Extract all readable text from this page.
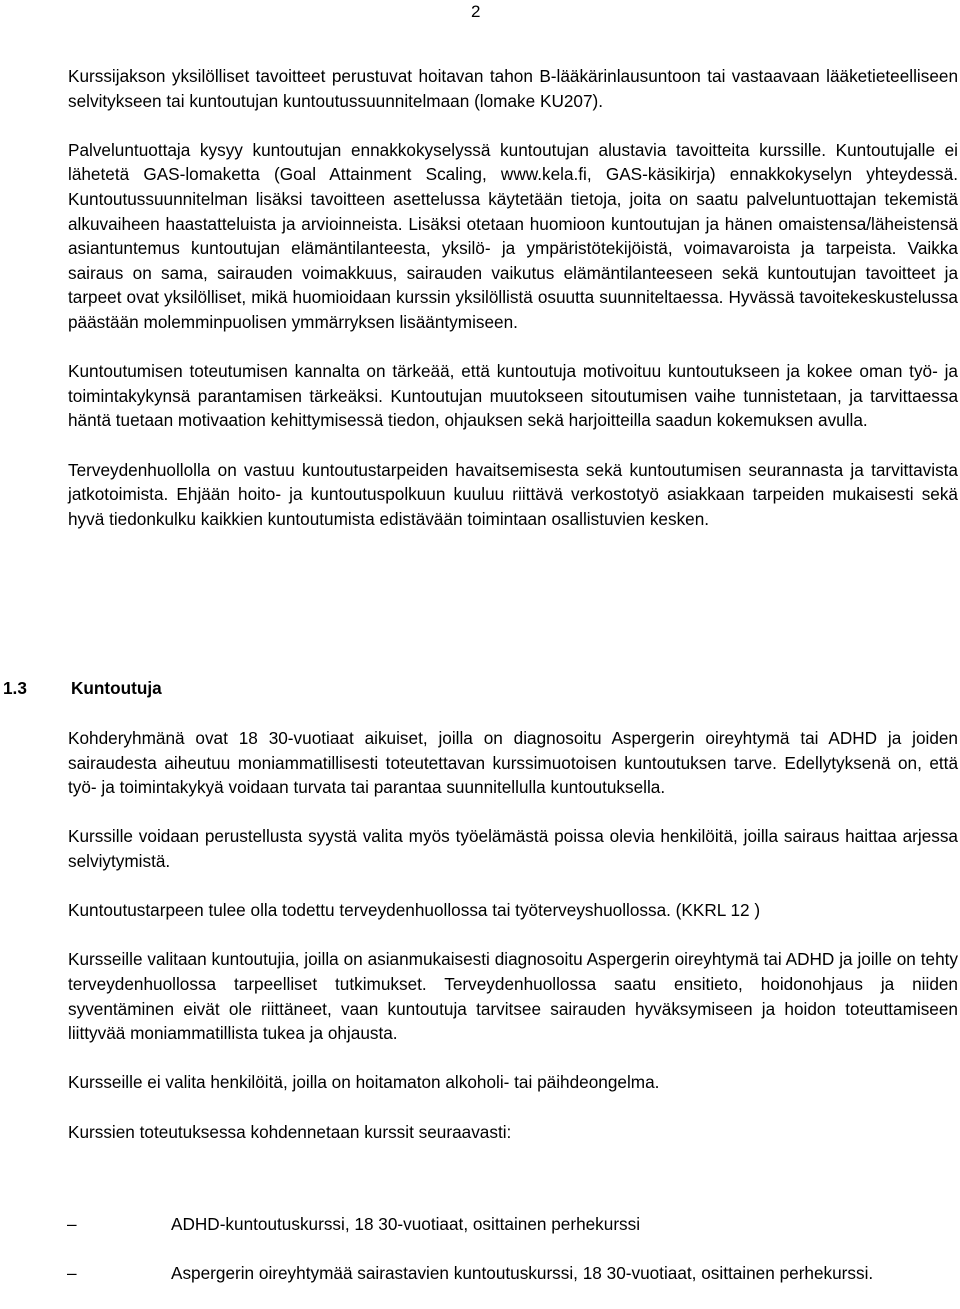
2

Kurssijakson yksilölliset tavoitteet perustuvat hoitavan tahon B-lääkärinlausuntoon tai vastaavaan lääketieteelliseen selvitykseen tai kuntoutujan kuntoutussuunnitelmaan (lomake KU207).

Palveluntuottaja kysyy kuntoutujan ennakkokyselyssä kuntoutujan alustavia tavoitteita kurssille. Kuntoutujalle ei lähetetä GAS-lomaketta (Goal Attainment Scaling, www.kela.fi, GAS-käsikirja) ennakkokyselyn yhteydessä. Kuntoutussuunnitelman lisäksi tavoitteen asettelussa käytetään tietoja, joita on saatu palveluntuottajan tekemistä alkuvaiheen haastatteluista ja arvioinneista. Lisäksi otetaan huomioon kuntoutujan ja hänen omaistensa/läheistensä asiantuntemus kuntoutujan elämäntilanteesta, yksilö- ja ympäristötekijöistä, voimavaroista ja tarpeista. Vaikka sairaus on sama, sairauden voimakkuus, sairauden vaikutus elämäntilanteeseen sekä kuntoutujan tavoitteet ja tarpeet ovat yksilölliset, mikä huomioidaan kurssin yksilöllistä osuutta suunniteltaessa. Hyvässä tavoitekeskustelussa päästään molemminpuolisen ymmärryksen lisääntymiseen.

Kuntoutumisen toteutumisen kannalta on tärkeää, että kuntoutuja motivoituu kuntoutukseen ja kokee oman työ- ja toimintakykynsä parantamisen tärkeäksi. Kuntoutujan muutokseen sitoutumisen vaihe tunnistetaan, ja tarvittaessa häntä tuetaan motivaation kehittymisessä tiedon, ohjauksen sekä harjoitteilla saadun kokemuksen avulla.

Terveydenhuollolla on vastuu kuntoutustarpeiden havaitsemisesta sekä kuntoutumisen seurannasta ja tarvittavista jatkotoimista. Ehjään hoito- ja kuntoutuspolkuun kuuluu riittävä verkostotyö asiakkaan tarpeiden mukaisesti sekä hyvä tiedonkulku kaikkien kuntoutumista edistävään toimintaan osallistuvien kesken.

1.3	Kuntoutuja

Kohderyhmänä ovat 18 30-vuotiaat aikuiset, joilla on diagnosoitu Aspergerin oireyhtymä tai ADHD ja joiden sairaudesta aiheutuu moniammatillisesti toteutettavan kurssimuotoisen kuntoutuksen tarve. Edellytyksenä on, että työ- ja toimintakykyä voidaan turvata tai parantaa suunnitellulla kuntoutuksella.

Kurssille voidaan perustellusta syystä valita myös työelämästä poissa olevia henkilöitä, joilla sairaus haittaa arjessa selviytymistä.

Kuntoutustarpeen tulee olla todettu terveydenhuollossa tai työterveyshuollossa. (KKRL 12 )

Kursseille valitaan kuntoutujia, joilla on asianmukaisesti diagnosoitu Aspergerin oireyhtymä tai ADHD ja joille on tehty terveydenhuollossa tarpeelliset tutkimukset. Terveydenhuollossa saatu ensitieto, hoidonohjaus ja niiden syventäminen eivät ole riittäneet, vaan kuntoutuja tarvitsee sairauden hyväksymiseen ja hoidon toteuttamiseen liittyvää moniammatillista tukea ja ohjausta.

Kursseille ei valita henkilöitä, joilla on hoitamaton alkoholi- tai päihdeongelma.

Kurssien toteutuksessa kohdennetaan kurssit seuraavasti:

–	ADHD-kuntoutuskurssi, 18 30-vuotiaat, osittainen perhekurssi
–	Aspergerin oireyhtymää sairastavien kuntoutuskurssi, 18 30-vuotiaat, osittainen perhekurssi.
